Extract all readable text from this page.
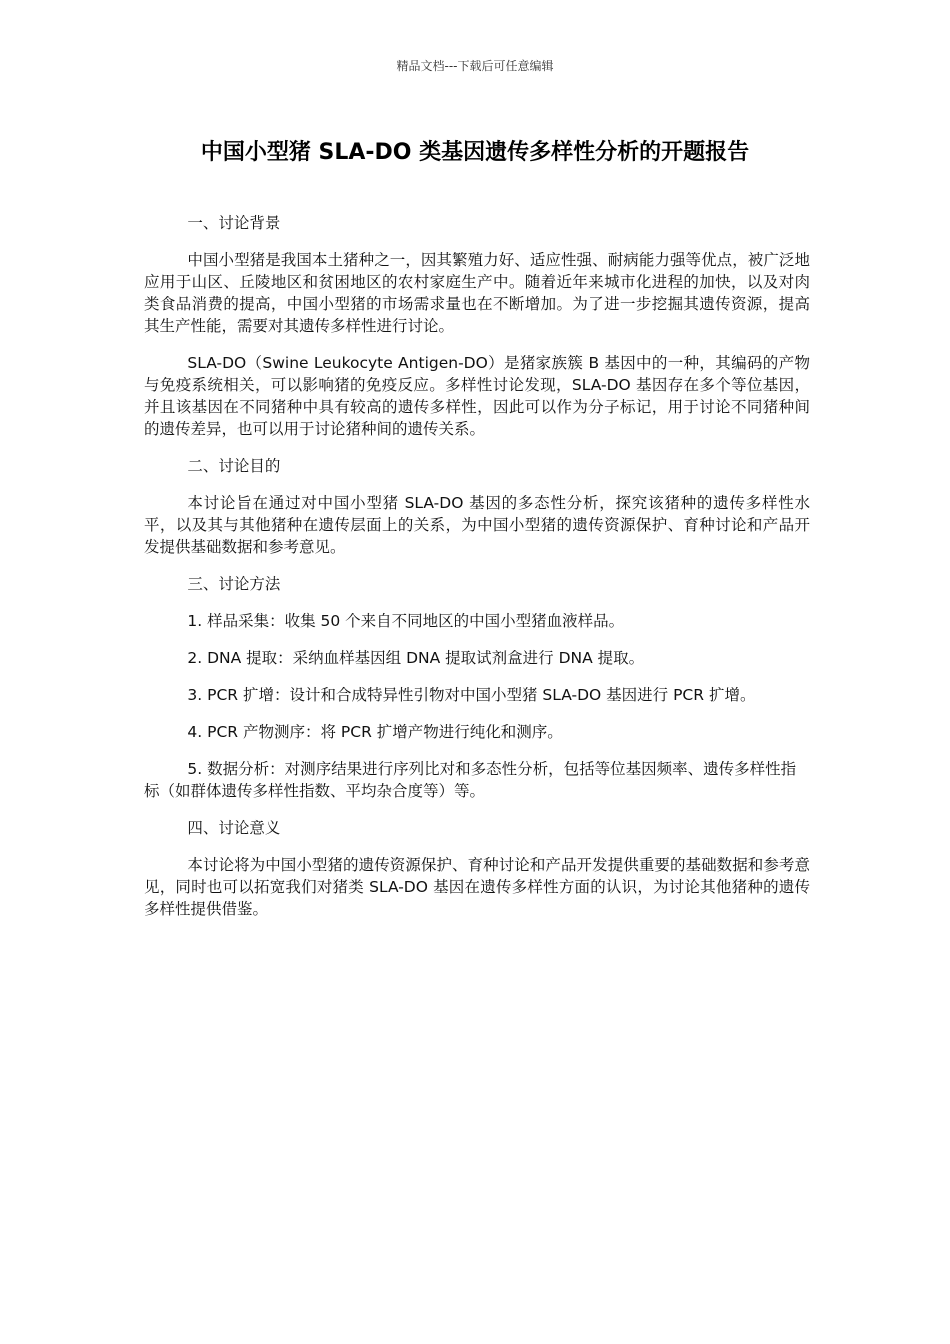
精品文档---下载后可任意编辑
中国小型猪 SLA-DO 类基因遗传多样性分析的开题报告
一、讨论背景

中国小型猪是我国本土猪种之一，因其繁殖力好、适应性强、耐病能力强等优点，被广泛地应用于山区、丘陵地区和贫困地区的农村家庭生产中。随着近年来城市化进程的加快，以及对肉类食品消费的提高，中国小型猪的市场需求量也在不断增加。为了进一步挖掘其遗传资源，提高其生产性能，需要对其遗传多样性进行讨论。

SLA-DO（Swine Leukocyte Antigen-DO）是猪家族簇 B 基因中的一种，其编码的产物与免疫系统相关，可以影响猪的免疫反应。多样性讨论发现，SLA-DO 基因存在多个等位基因，并且该基因在不同猪种中具有较高的遗传多样性，因此可以作为分子标记，用于讨论不同猪种间的遗传差异，也可以用于讨论猪种间的遗传关系。

二、讨论目的

本讨论旨在通过对中国小型猪 SLA-DO 基因的多态性分析，探究该猪种的遗传多样性水平，以及其与其他猪种在遗传层面上的关系，为中国小型猪的遗传资源保护、育种讨论和产品开发提供基础数据和参考意见。

三、讨论方法
1. 样品采集：收集 50 个来自不同地区的中国小型猪血液样品。
2. DNA 提取：采纳血样基因组 DNA 提取试剂盒进行 DNA 提取。
3. PCR 扩增：设计和合成特异性引物对中国小型猪 SLA-DO 基因进行 PCR 扩增。
4. PCR 产物测序：将 PCR 扩增产物进行纯化和测序。
5. 数据分析：对测序结果进行序列比对和多态性分析，包括等位基因频率、遗传多样性指标（如群体遗传多样性指数、平均杂合度等）等。
四、讨论意义

本讨论将为中国小型猪的遗传资源保护、育种讨论和产品开发提供重要的基础数据和参考意见，同时也可以拓宽我们对猪类 SLA-DO 基因在遗传多样性方面的认识，为讨论其他猪种的遗传多样性提供借鉴。
